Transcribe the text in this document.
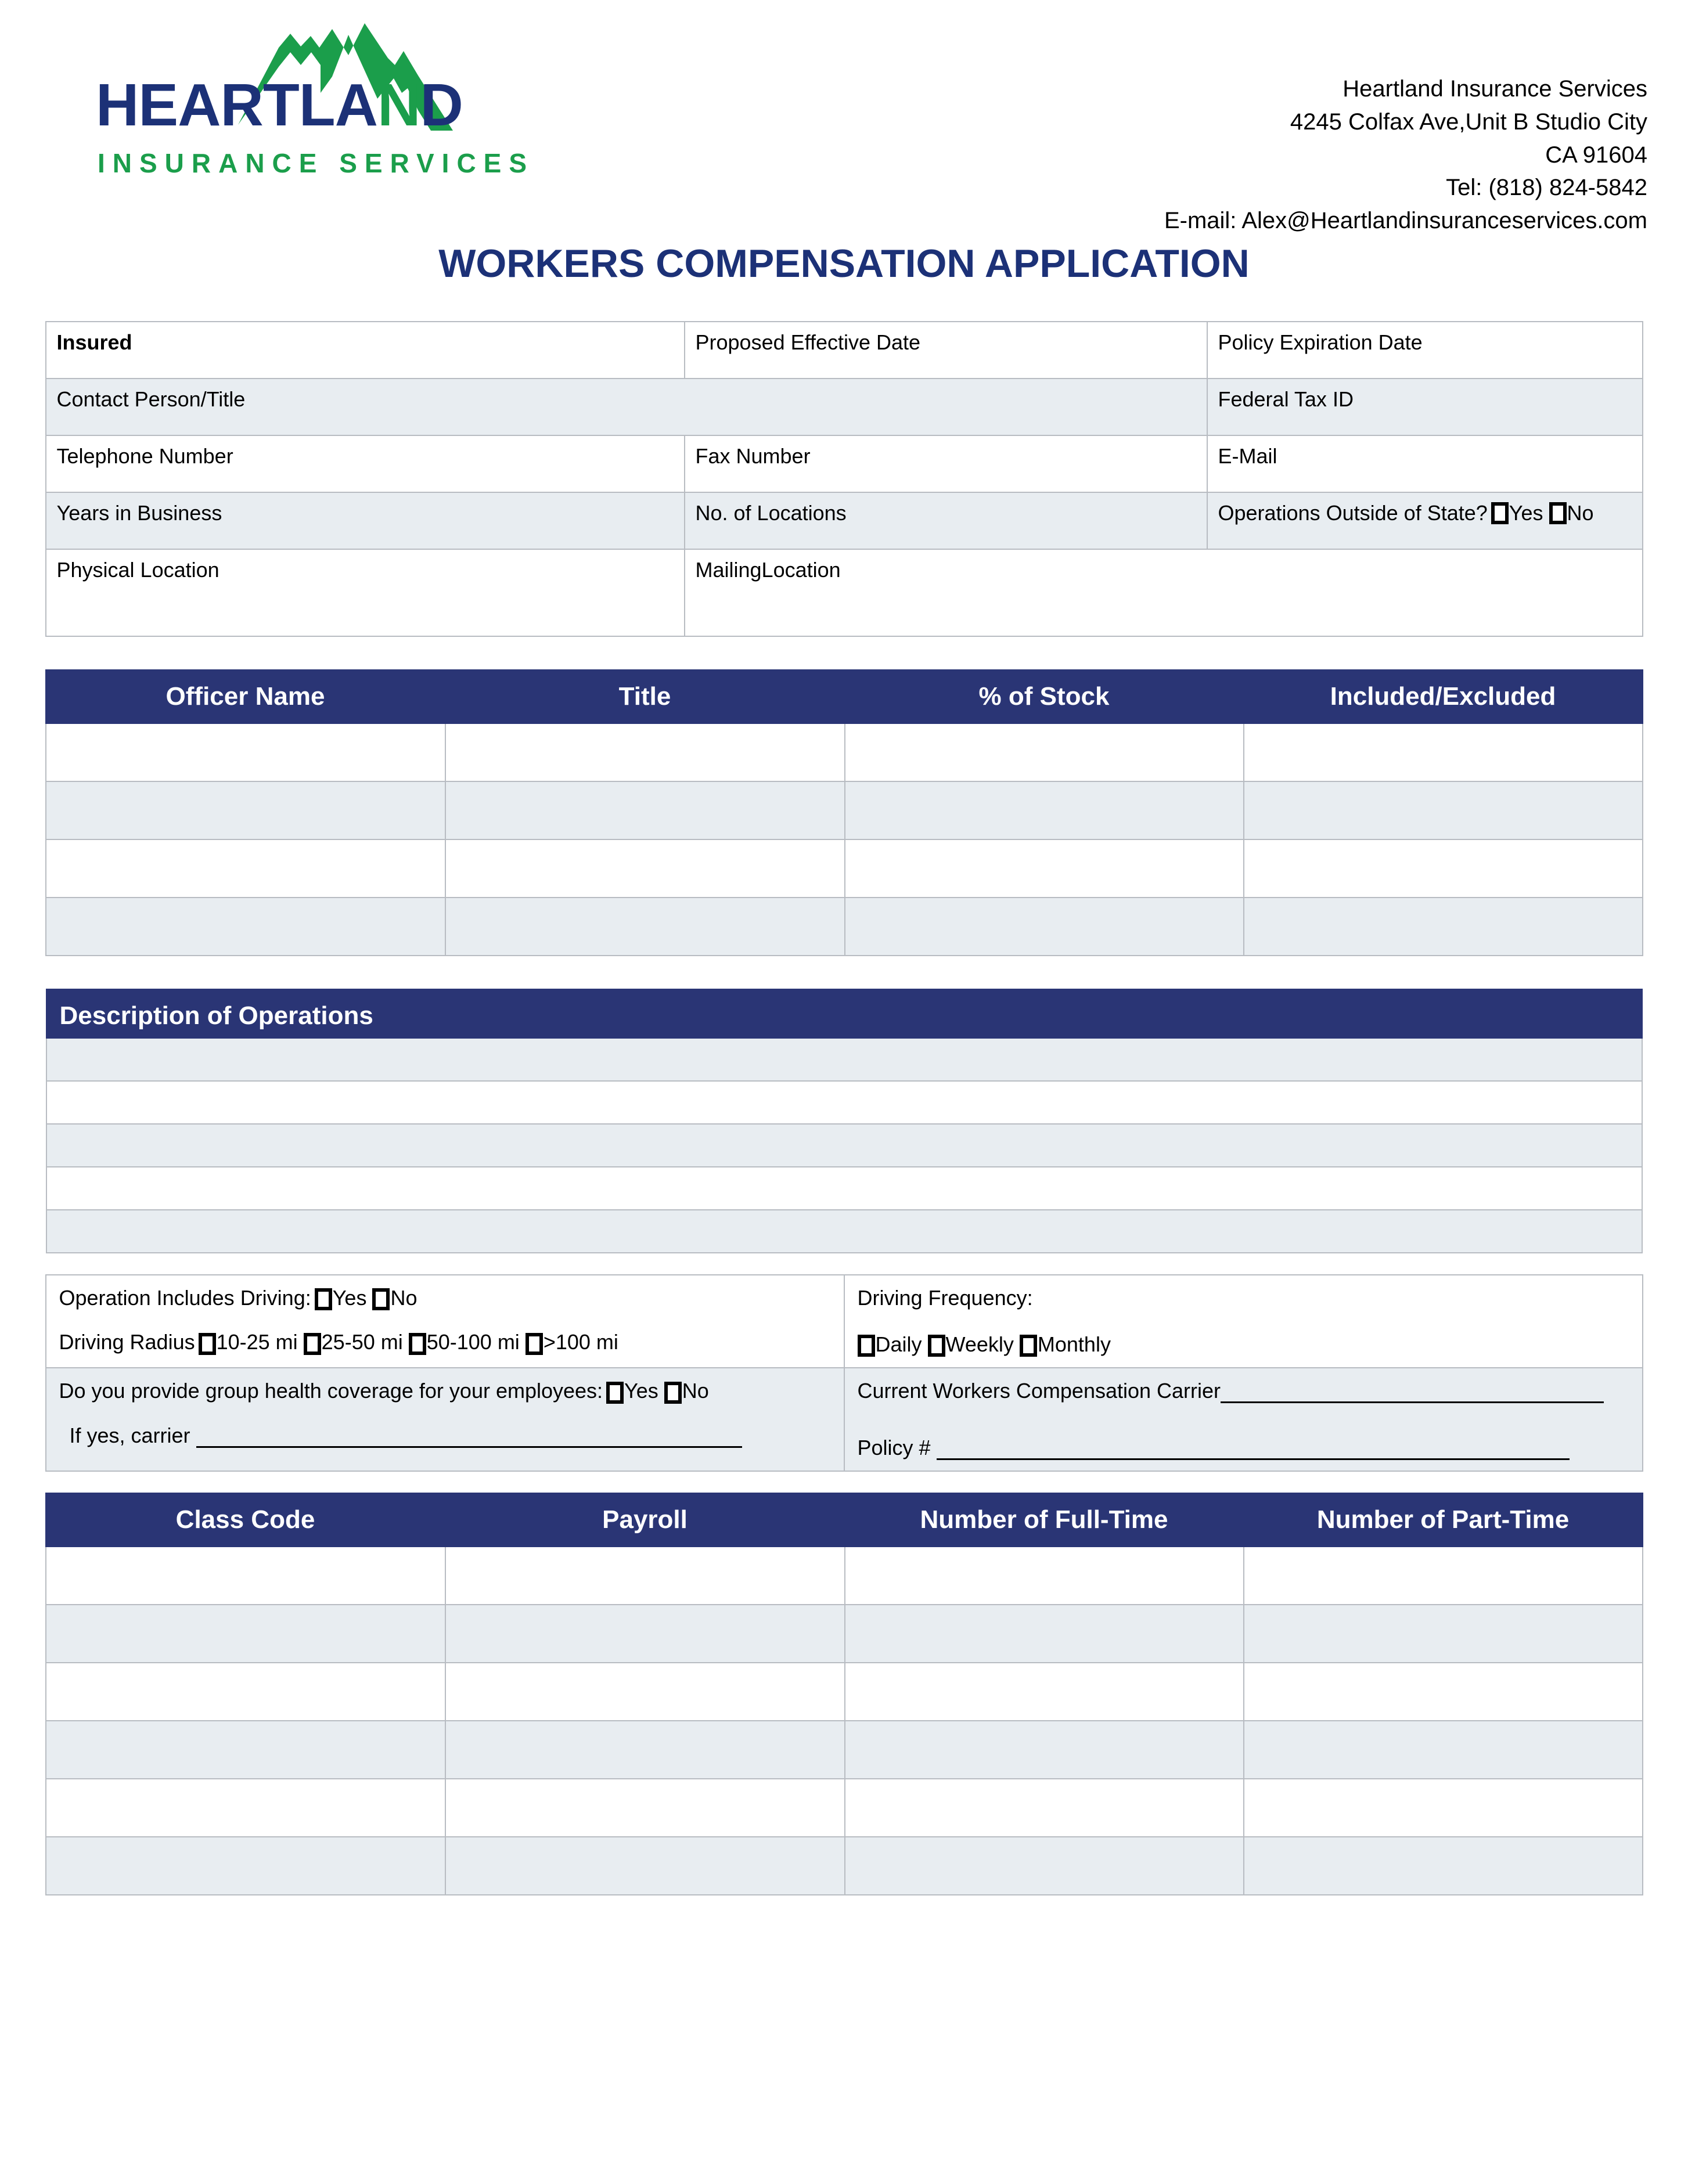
HEARTLAND
INSURANCE SERVICES
Heartland Insurance Services
4245 Colfax Ave,Unit B Studio City
CA 91604
Tel: (818) 824-5842
E-mail: Alex@Heartlandinsuranceservices.com
WORKERS COMPENSATION APPLICATION
Insured	Proposed Effective Date	Policy Expiration Date
Contact Person/Title		Federal Tax ID
Telephone Number	Fax Number	E-Mail
Years in Business	No. of Locations	Operations Outside of State? Yes No

Physical Location	MailingLocation	
Officer Name	Title	% of Stock	Included/Excluded

Description of Operations

Operation Includes Driving: Yes No
Driving Radius 10-25 mi 25-50 mi 50-100 mi >100 mi

Driving Frequency:
Daily Weekly Monthly

Do you provide group health coverage for your employees: Yes No
If yes, carrier

Current Workers Compensation Carrier
Policy #
Class Code	Payroll	Number of Full-Time	Number of Part-Time
